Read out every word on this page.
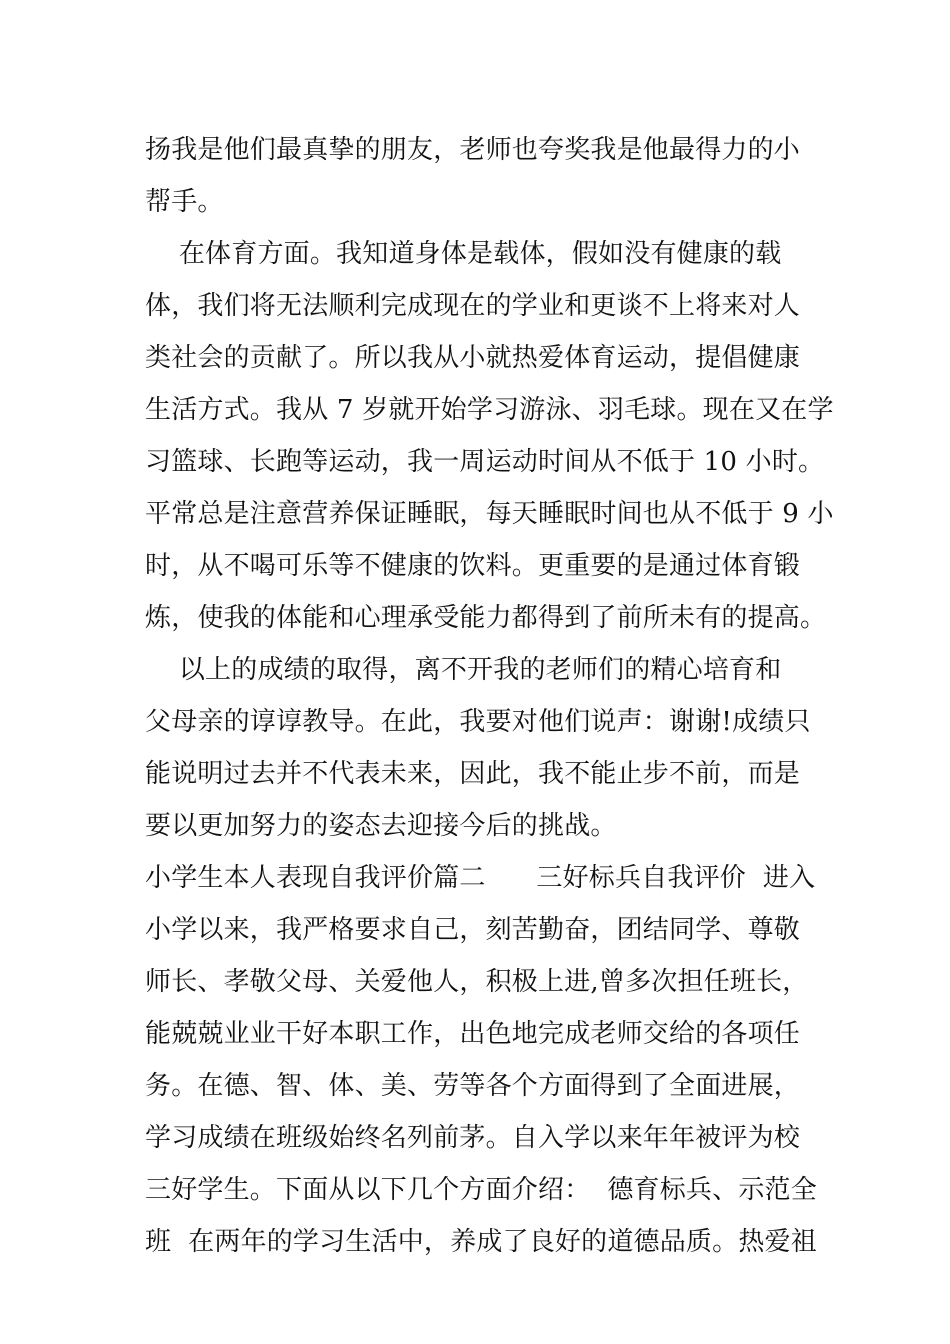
扬我是他们最真挚的朋友，老师也夸奖我是他最得力的小
帮手。
在体育方面。我知道身体是载体，假如没有健康的载
体，我们将无法顺利完成现在的学业和更谈不上将来对人
类社会的贡献了。所以我从小就热爱体育运动，提倡健康
生活方式。我从 7 岁就开始学习游泳、羽毛球。现在又在学
习篮球、长跑等运动，我一周运动时间从不低于 10 小时。
平常总是注意营养保证睡眠，每天睡眠时间也从不低于 9 小
时，从不喝可乐等不健康的饮料。更重要的是通过体育锻
炼，使我的体能和心理承受能力都得到了前所未有的提高。
以上的成绩的取得，离不开我的老师们的精心培育和
父母亲的谆谆教导。在此，我要对他们说声：谢谢!成绩只
能说明过去并不代表未来，因此，我不能止步不前，而是
要以更加努力的姿态去迎接今后的挑战。
小学生本人表现自我评价篇二      三好标兵自我评价  进入
小学以来，我严格要求自己，刻苦勤奋，团结同学、尊敬
师长、孝敬父母、关爱他人，积极上进,曾多次担任班长，
能兢兢业业干好本职工作，出色地完成老师交给的各项任
务。在德、智、体、美、劳等各个方面得到了全面进展，
学习成绩在班级始终名列前茅。自入学以来年年被评为校
三好学生。下面从以下几个方面介绍：  德育标兵、示范全
班  在两年的学习生活中，养成了良好的道德品质。热爱祖
